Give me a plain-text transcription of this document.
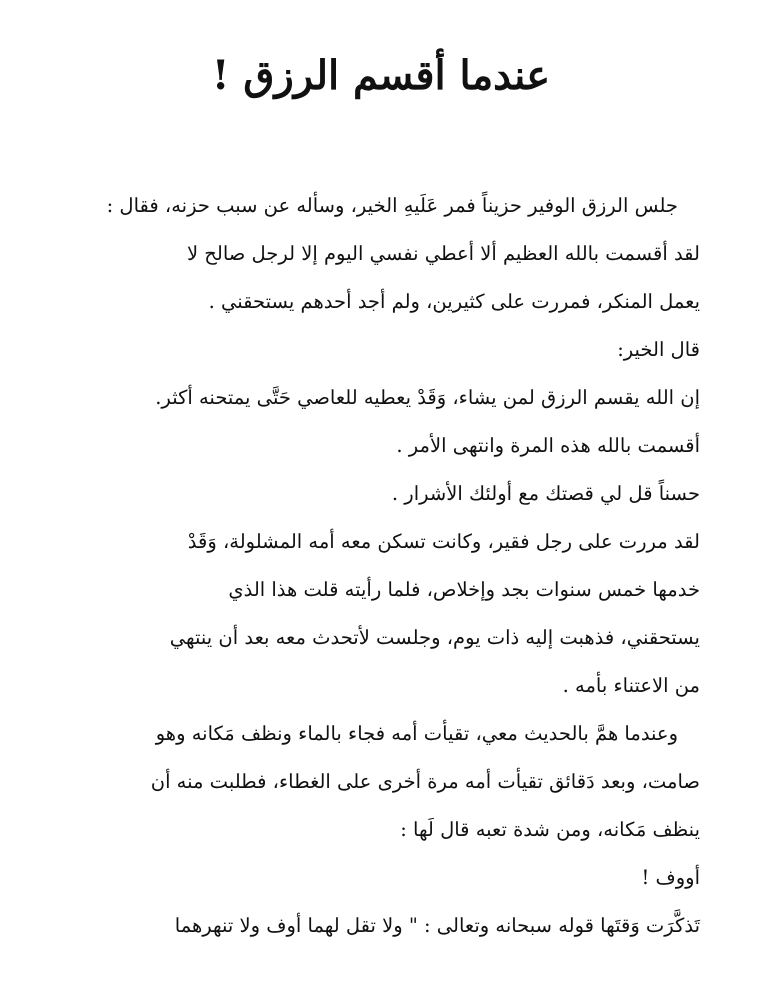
عندما أقسم الرزق !
جلس الرزق الوفير حزيناً فمر عَلَيهِ الخير، وسأله عن سبب حزنه، فقال :
لقد أقسمت بالله العظيم ألا أعطي نفسي اليوم إلا لرجل صالح لا
يعمل المنكر، فمررت على كثيرين، ولم أجد أحدهم يستحقني .
قال الخير:
إن الله يقسم الرزق لمن يشاء، وَقَدْ يعطيه للعاصي حَتَّى يمتحنه أكثر.
أقسمت بالله هذه المرة وانتهى الأمر .
حسناً قل لي قصتك مع أولئك الأشرار .
لقد مررت على رجل فقير، وكانت تسكن معه أمه المشلولة، وَقَدْ
خدمها خمس سنوات بجد وإخلاص، فلما رأيته قلت هذا الذي
يستحقني، فذهبت إليه ذات يوم، وجلست لأتحدث معه بعد أن ينتهي
من الاعتناء بأمه .
وعندما همَّ بالحديث معي، تقيأت أمه فجاء بالماء ونظف مَكانه وهو
صامت، وبعد دَقائق تقيأت أمه مرة أخرى على الغطاء، فطلبت منه أن
ينظف مَكانه، ومن شدة تعبه قال لَها :
أووف !
تَذكَّرَت وَقتَها قوله سبحانه وتعالى : " ولا تقل لهما أوف ولا تنهرهما
